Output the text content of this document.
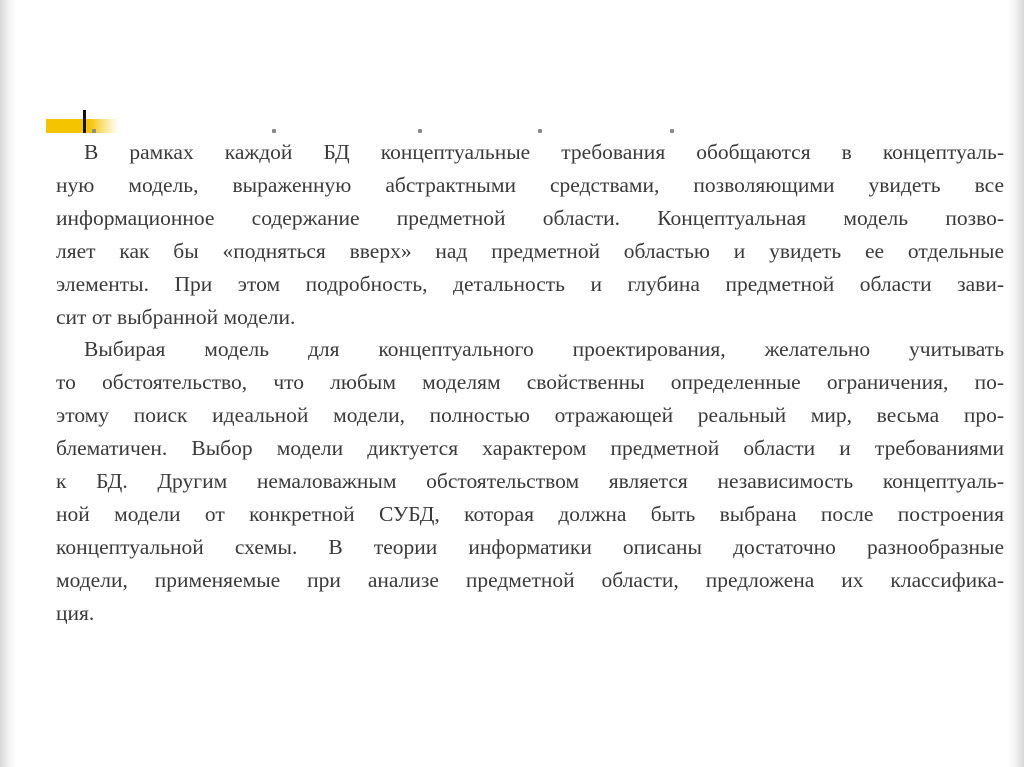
В рамках каждой БД концептуальные требования обобщаются в концептуаль-
ную модель, выраженную абстрактными средствами, позволяющими увидеть все
информационное содержание предметной области. Концептуальная модель позво-
ляет как бы «подняться вверх» над предметной областью и увидеть ее отдельные
элементы. При этом подробность, детальность и глубина предметной области зави-
сит от выбранной модели.

Выбирая модель для концептуального проектирования, желательно учитывать
то обстоятельство, что любым моделям свойственны определенные ограничения, по-
этому поиск идеальной модели, полностью отражающей реальный мир, весьма про-
блематичен. Выбор модели диктуется характером предметной области и требованиями
к БД. Другим немаловажным обстоятельством является независимость концептуаль-
ной модели от конкретной СУБД, которая должна быть выбрана после построения
концептуальной схемы. В теории информатики описаны достаточно разнообразные
модели, применяемые при анализе предметной области, предложена их классифика-
ция.
